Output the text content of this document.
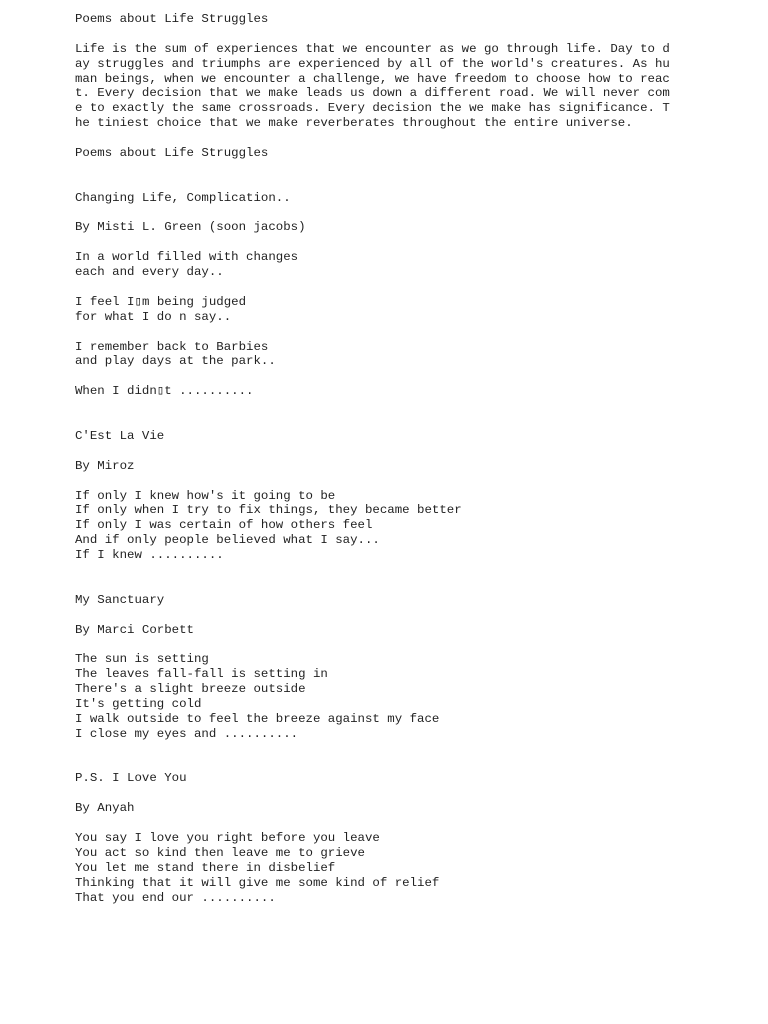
Poems about Life Struggles
Life is the sum of experiences that we encounter as we go through life. Day to d
ay struggles and triumphs are experienced by all of the world's creatures. As hu
man beings, when we encounter a challenge, we have freedom to choose how to reac
t. Every decision that we make leads us down a different road. We will never com
e to exactly the same crossroads. Every decision the we make has significance. T
he tiniest choice that we make reverberates throughout the entire universe.
Poems about Life Struggles
Changing Life, Complication..
By Misti L. Green (soon jacobs)
In a world filled with changes
each and every day..
I feel I▯m being judged
for what I do n say..
I remember back to Barbies
and play days at the park..
When I didn▯t ..........
C'Est La Vie
By Miroz
If only I knew how's it going to be
If only when I try to fix things, they became better
If only I was certain of how others feel
And if only people believed what I say...
If I knew ..........
My Sanctuary
By Marci Corbett
The sun is setting
The leaves fall-fall is setting in
There's a slight breeze outside
It's getting cold
I walk outside to feel the breeze against my face
I close my eyes and ..........
P.S. I Love You
By Anyah
You say I love you right before you leave
You act so kind then leave me to grieve
You let me stand there in disbelief
Thinking that it will give me some kind of relief
That you end our ..........
